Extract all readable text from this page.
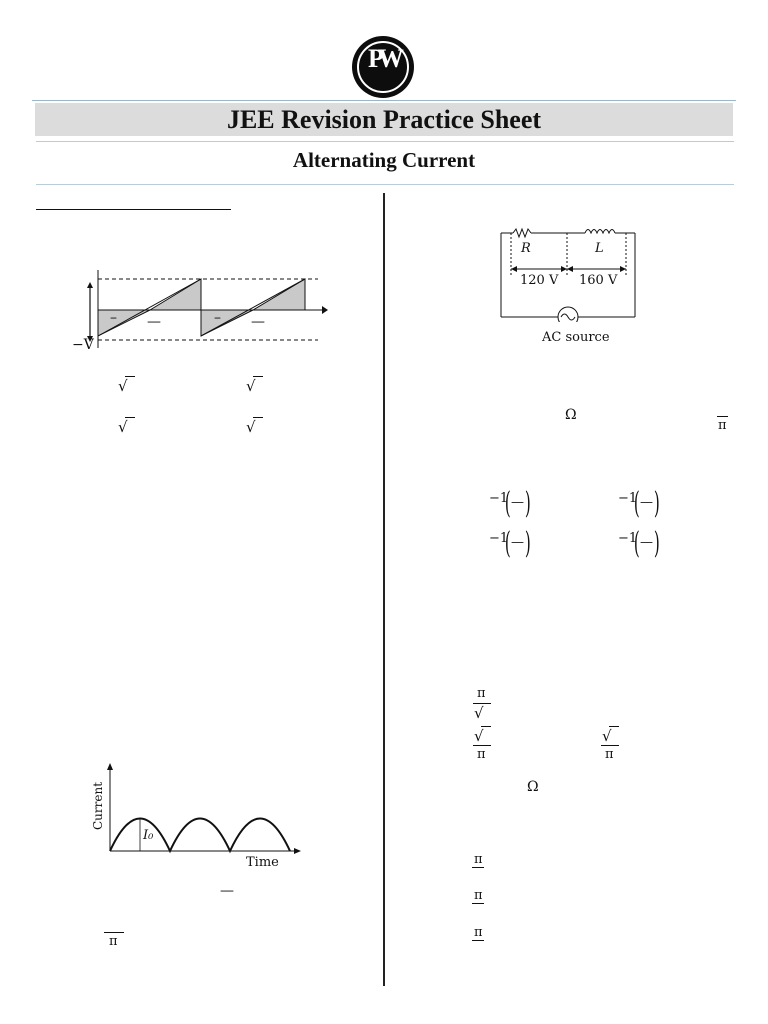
PW
JEE Revision Practice Sheet
Alternating Current
−V
– —	– —
√	√
√	√
Current
Time
I₀
—
π
R	L
120 V 160 V
AC source
Ω
π
−1
( — )	−1
( — )
−1
( — )	−1
( — )
π
√
√
π
√
π
Ω
π
π
π
